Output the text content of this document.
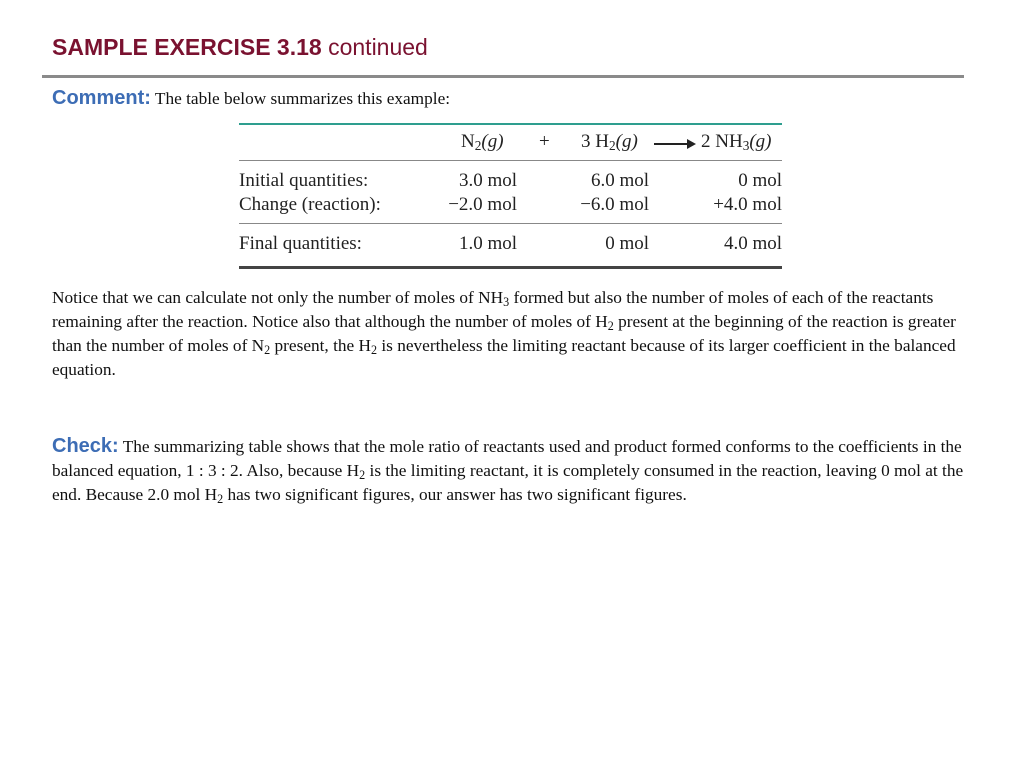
SAMPLE EXERCISE 3.18 continued
Comment: The table below summarizes this example:
$N_2(g) + 3$ $H_2(g) \to 2$ $NH_3(g)$
Initial quantities:	3.0 mol	6.0 mol	0 mol
Change (reaction):	−2.0 mol	−6.0 mol	+4.0 mol
Final quantities:	1.0 mol	0 mol	4.0 mol
Notice that we can calculate not only the number of moles of $NH_3$ formed but also the number of moles of each of the reactants remaining after the reaction. Notice also that although the number of moles of $H_2$ present at the beginning of the reaction is greater than the number of moles of $N_2$ present, the $H_2$ is nevertheless the limiting reactant because of its larger coefficient in the balanced equation.
Check: The summarizing table shows that the mole ratio of reactants used and product formed conforms to the coefficients in the balanced equation, 1 : 3 : 2. Also, because $H_2$ is the limiting reactant, it is completely consumed in the reaction, leaving 0 mol at the end. Because 2.0 mol $H_2$ has two significant figures, our answer has two significant figures.
